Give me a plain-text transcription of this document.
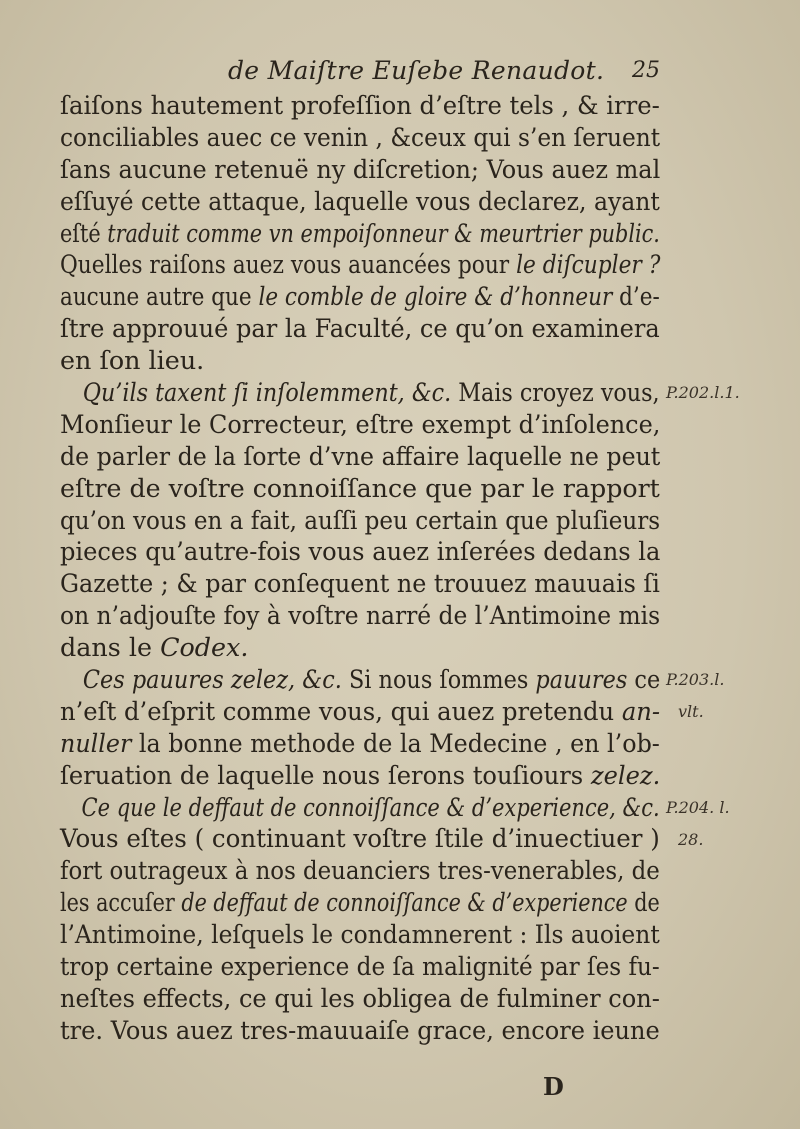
de Maiſtre Euſebe Renaudot. 25
ſaiſons hautement profeſſion d’eſtre tels , & irre-
conciliables auec ce venin , &ceux qui s’en ſeruent
ſans aucune retenuë ny diſcretion; Vous auez mal
eſſuyé cette attaque, laquelle vous declarez, ayant
eſté traduit comme vn empoiſonneur & meurtrier public.
Quelles raiſons auez vous auancées pour le diſcupler ?
aucune autre que le comble de gloire & d’honneur d’e-
ſtre approuué par la Faculté, ce qu’on examinera
en ſon lieu.
Qu’ils taxent ſi inſolemment, &c. Mais croyez vous,
Monſieur le Correcteur, eſtre exempt d’inſolence,
de parler de la ſorte d’vne affaire laquelle ne peut
eſtre de voſtre connoiſſance que par le rapport
qu’on vous en a fait, auſſi peu certain que pluſieurs
pieces qu’autre-fois vous auez inſerées dedans la
Gazette ; & par conſequent ne trouuez mauuais ſi
on n’adjouſte foy à voſtre narré de l’Antimoine mis
dans le Codex.
Ces pauures zelez, &c. Si nous ſommes pauures ce
n’eſt d’eſprit comme vous, qui auez pretendu an-
nuller la bonne methode de la Medecine , en l’ob-
ſeruation de laquelle nous ſerons touſiours zelez.
Ce que le deffaut de connoiſſance & d’experience, &c.
Vous eſtes ( continuant voſtre ſtile d’inuectiuer )
fort outrageux à nos deuanciers tres-venerables, de
les accuſer de deffaut de connoiſſance & d’experience de
l’Antimoine, leſquels le condamnerent : Ils auoient
trop certaine experience de ſa malignité par ſes fu-
neſtes effects, ce qui les obligea de fulminer con-
tre. Vous auez tres-mauuaiſe grace, encore ieune
P.202.l.1.
P.203.l.
vlt.
P.204. l.
28.
D
